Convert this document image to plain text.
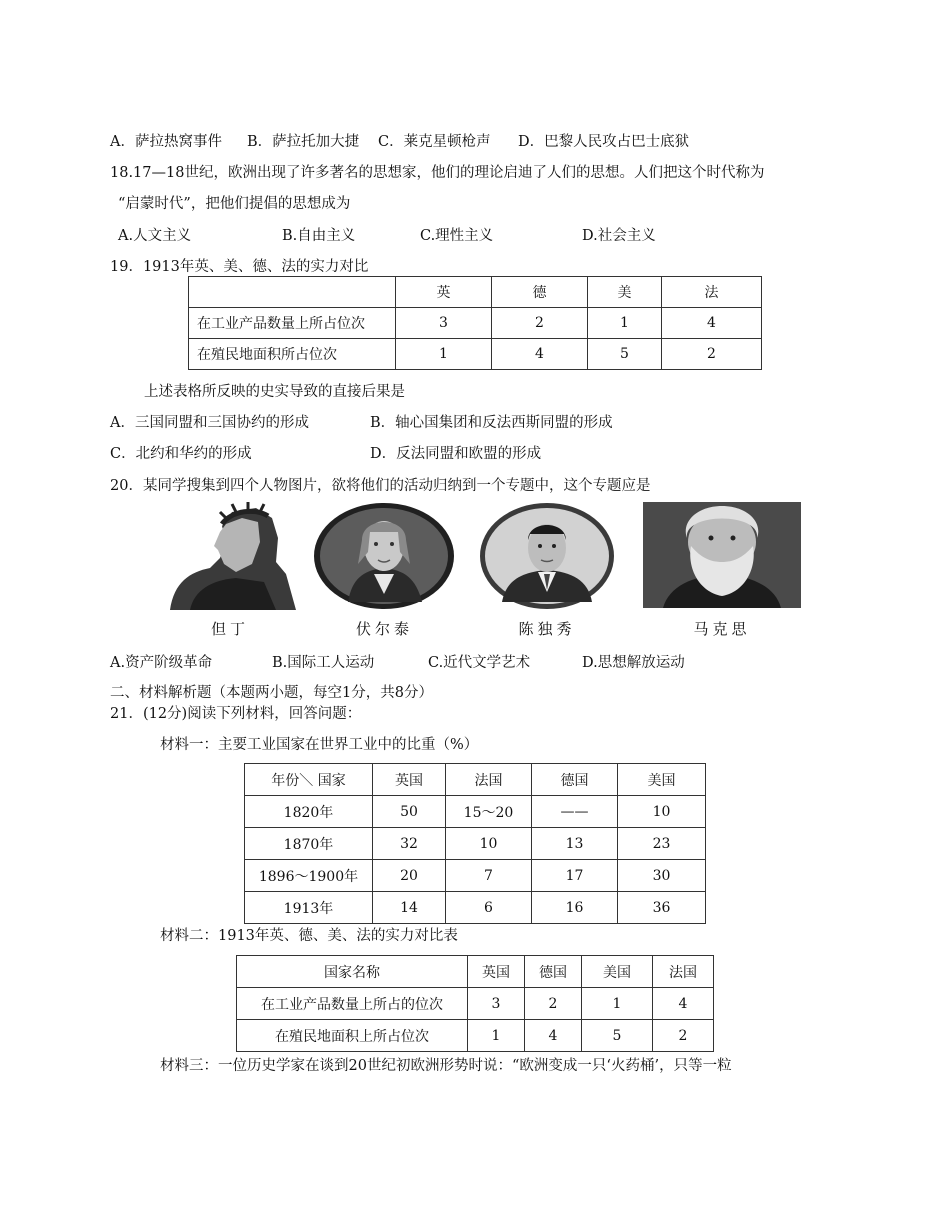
A．萨拉热窝事件 B．萨拉托加大捷 C．莱克星顿枪声 D．巴黎人民攻占巴士底狱
18.17—18世纪，欧洲出现了许多著名的思想家，他们的理论启迪了人们的思想。人们把这个时代称为
“启蒙时代”，把他们提倡的思想成为
A.人文主义	B.自由主义	C.理性主义	D.社会主义
19．1913年英、美、德、法的实力对比
	英	德	美	法
在工业产品数量上所占位次	3	2	1	4
在殖民地面积所占位次	1	4	5	2
上述表格所反映的史实导致的直接后果是
A．三国同盟和三国协约的形成	B．轴心国集团和反法西斯同盟的形成
C．北约和华约的形成	D．反法同盟和欧盟的形成
20．某同学搜集到四个人物图片，欲将他们的活动归纳到一个专题中，这个专题应是
但丁	伏尔泰	陈独秀	马克思
A.资产阶级革命	B.国际工人运动	C.近代文学艺术	D.思想解放运动
二、材料解析题（本题两小题，每空1分，共8分）
21．(12分)阅读下列材料，回答问题：
材料一：主要工业国家在世界工业中的比重（%）
年份＼ 国家	英国	法国	德国	美国
1820年	50	15～20	——	10
1870年	32	10	13	23
1896～1900年	20	7	17	30
1913年	14	6	16	36
材料二：1913年英、德、美、法的实力对比表
国家名称	英国	德国	美国	法国
在工业产品数量上所占的位次	3	2	1	4
在殖民地面积上所占位次	1	4	5	2
材料三：一位历史学家在谈到20世纪初欧洲形势时说：“欧洲变成一只‘火药桶’，只等一粒
